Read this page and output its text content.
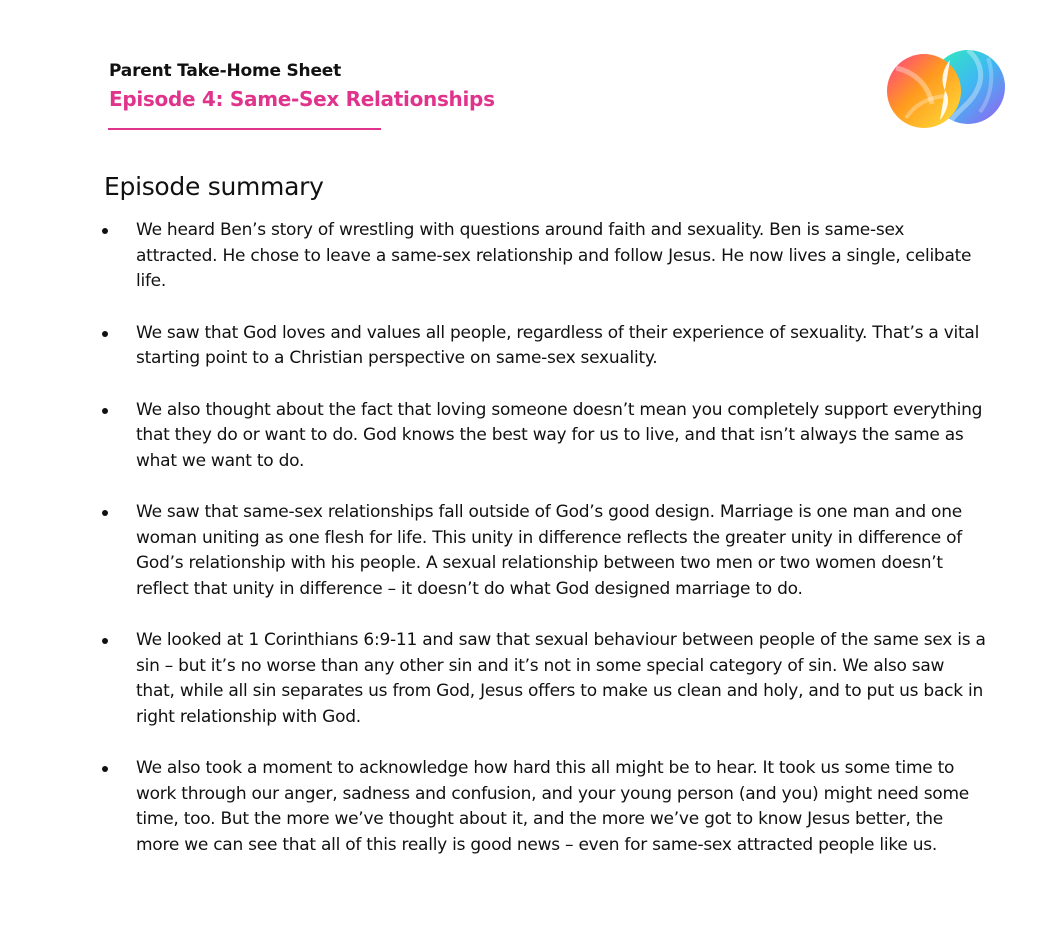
Parent Take-Home Sheet
Episode 4: Same-Sex Relationships
Episode summary
We heard Ben’s story of wrestling with questions around faith and sexuality. Ben is same-sex attracted. He chose to leave a same-sex relationship and follow Jesus. He now lives a single, celibate life.
We saw that God loves and values all people, regardless of their experience of sexuality. That’s a vital starting point to a Christian perspective on same-sex sexuality.
We also thought about the fact that loving someone doesn’t mean you completely support everything that they do or want to do. God knows the best way for us to live, and that isn’t always the same as what we want to do.
We saw that same-sex relationships fall outside of God’s good design. Marriage is one man and one woman uniting as one flesh for life. This unity in difference reflects the greater unity in difference of God’s relationship with his people. A sexual relationship between two men or two women doesn’t reflect that unity in difference – it doesn’t do what God designed marriage to do.
We looked at 1 Corinthians 6:9-11 and saw that sexual behaviour between people of the same sex is a sin – but it’s no worse than any other sin and it’s not in some special category of sin. We also saw that, while all sin separates us from God, Jesus offers to make us clean and holy, and to put us back in right relationship with God.
We also took a moment to acknowledge how hard this all might be to hear. It took us some time to work through our anger, sadness and confusion, and your young person (and you) might need some time, too. But the more we’ve thought about it, and the more we’ve got to know Jesus better, the more we can see that all of this really is good news – even for same-sex attracted people like us.
